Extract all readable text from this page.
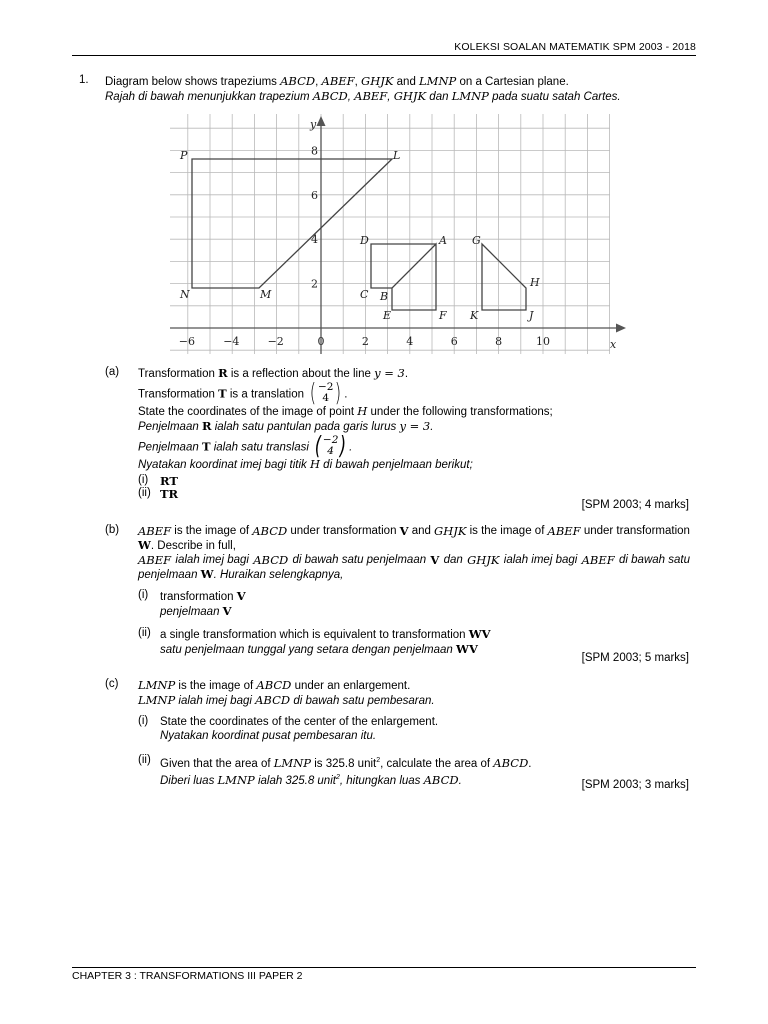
KOLEKSI SOALAN MATEMATIK SPM 2003 - 2018
1. Diagram below shows trapeziums ABCD, ABEF, GHJK and LMNP on a Cartesian plane.
Rajah di bawah menunjukkan trapezium ABCD, ABEF, GHJK dan LMNP pada suatu satah Cartes.
P	L
N	M
D	A
C B
E	F
G
H
K	J
x
y
−6	−4	−2	0	2	4	6	8	10
2
4
6
8
(a) Transformation R is a reflection about the line y = 3.
Transformation T is a translation ( −2
4 ) .
State the coordinates of the image of point H under the following transformations;
Penjelmaan R ialah satu pantulan pada garis lurus y = 3.
Penjelmaan T ialah satu translasi ( −2
4 ) .
Nyatakan koordinat imej bagi titik H di bawah penjelmaan berikut;
(i) RT
(ii) TR
[SPM 2003; 4 marks]
(b) ABEF is the image of ABCD under transformation V and GHJK is the image of ABEF under transformation
W. Describe in full,
ABEF ialah imej bagi ABCD di bawah satu penjelmaan V dan GHJK ialah imej bagi ABEF di bawah satu
penjelmaan W. Huraikan selengkapnya,
(i) transformation V
penjelmaan V
(ii) a single transformation which is equivalent to transformation WV
satu penjelmaan tunggal yang setara dengan penjelmaan WV
[SPM 2003; 5 marks]
(c) LMNP is the image of ABCD under an enlargement.
LMNP ialah imej bagi ABCD di bawah satu pembesaran.
(i) State the coordinates of the center of the enlargement.
Nyatakan koordinat pusat pembesaran itu.
(ii) Given that the area of LMNP is 325.8 unit$^2$, calculate the area of ABCD.
Diberi luas LMNP ialah 325.8 unit$^2$, hitungkan luas ABCD.	[SPM 2003; 3 marks]
CHAPTER 3 : TRANSFORMATIONS III PAPER 2
